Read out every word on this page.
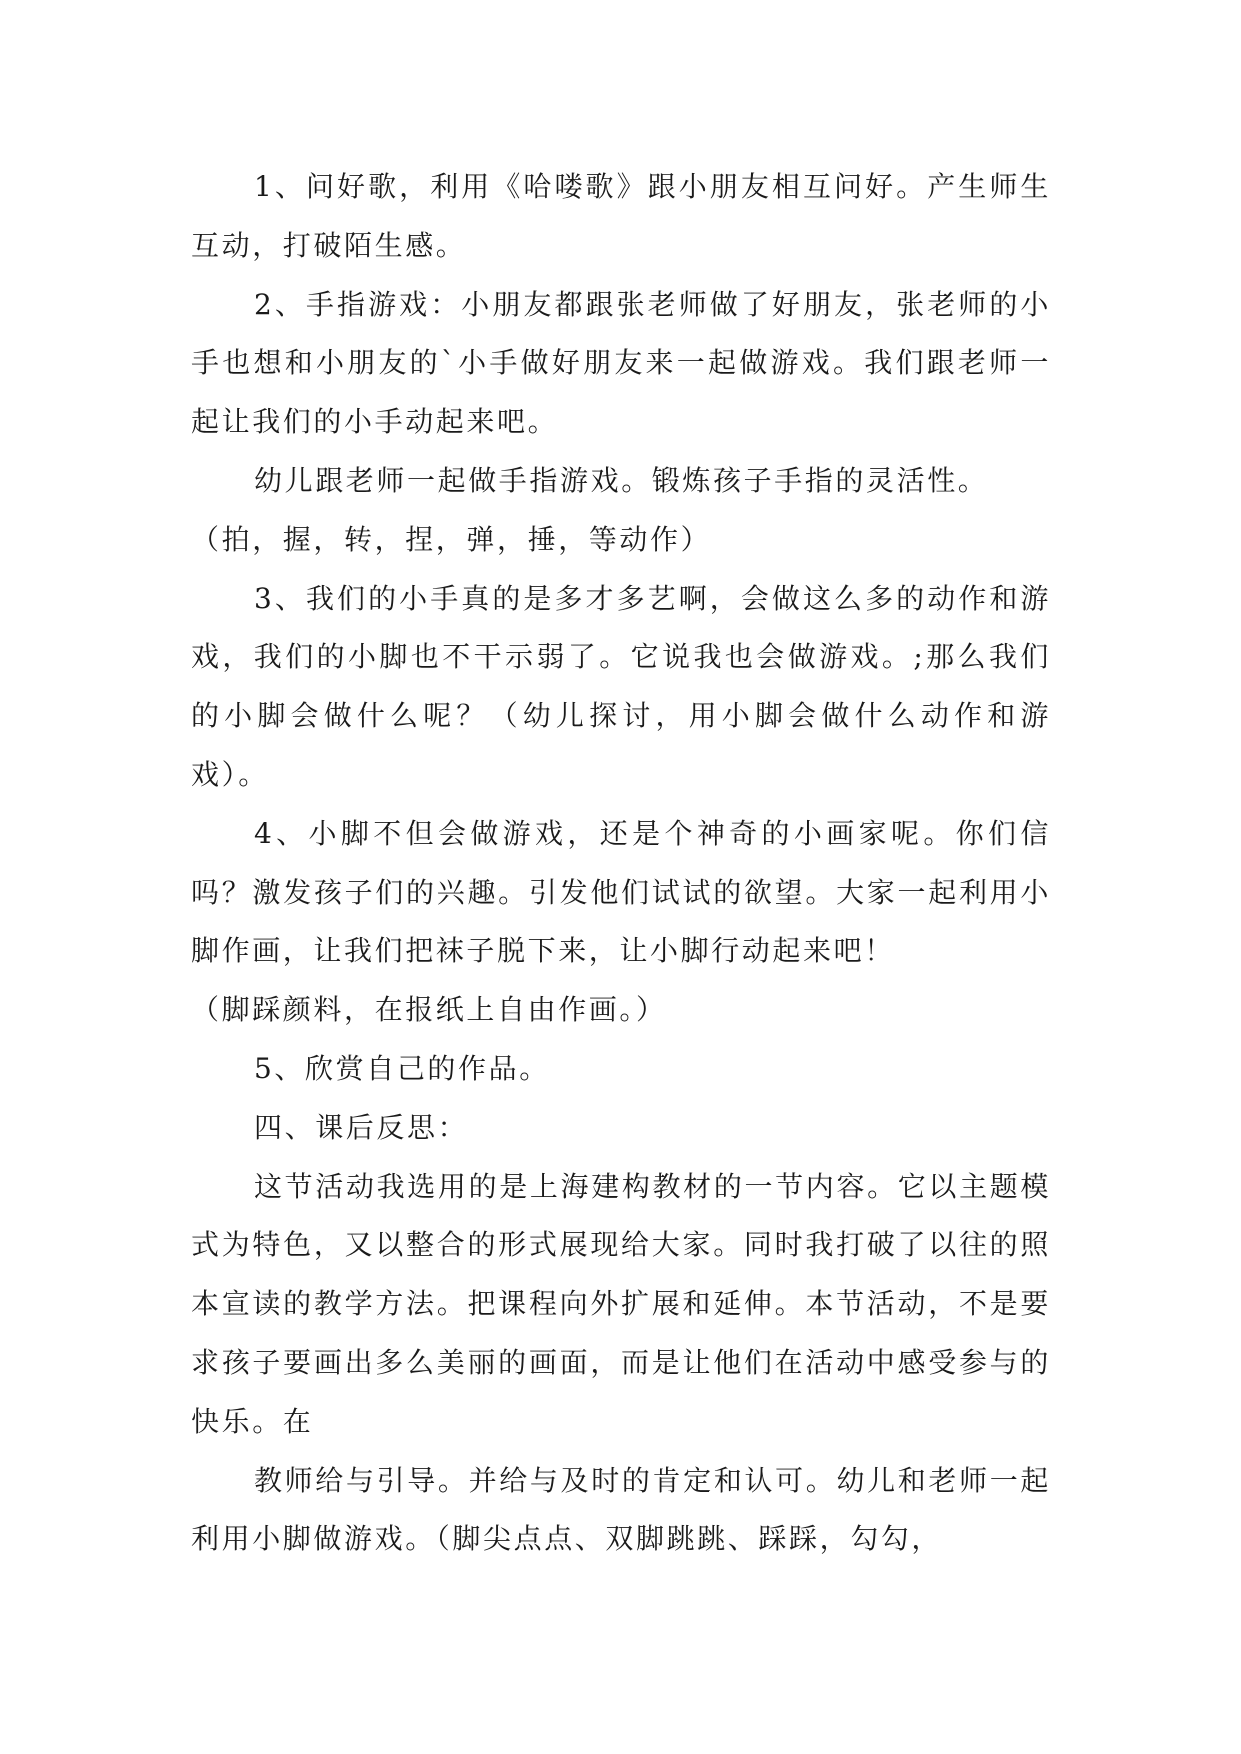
1、问好歌，利用《哈喽歌》跟小朋友相互问好。产生师生互动，打破陌生感。

2、手指游戏：小朋友都跟张老师做了好朋友，张老师的小手也想和小朋友的`小手做好朋友来一起做游戏。我们跟老师一起让我们的小手动起来吧。

幼儿跟老师一起做手指游戏。锻炼孩子手指的灵活性。

（拍，握，转，捏，弹，捶，等动作）

3、我们的小手真的是多才多艺啊，会做这么多的动作和游戏，我们的小脚也不干示弱了。它说我也会做游戏。;那么我们的小脚会做什么呢？（幼儿探讨，用小脚会做什么动作和游戏）。

4、小脚不但会做游戏，还是个神奇的小画家呢。你们信吗？激发孩子们的兴趣。引发他们试试的欲望。大家一起利用小脚作画，让我们把袜子脱下来，让小脚行动起来吧！

（脚踩颜料，在报纸上自由作画。）

5、欣赏自己的作品。

四、课后反思：

这节活动我选用的是上海建构教材的一节内容。它以主题模式为特色，又以整合的形式展现给大家。同时我打破了以往的照本宣读的教学方法。把课程向外扩展和延伸。本节活动，不是要求孩子要画出多么美丽的画面，而是让他们在活动中感受参与的快乐。在

教师给与引导。并给与及时的肯定和认可。幼儿和老师一起利用小脚做游戏。（脚尖点点、双脚跳跳、踩踩，勾勾，
